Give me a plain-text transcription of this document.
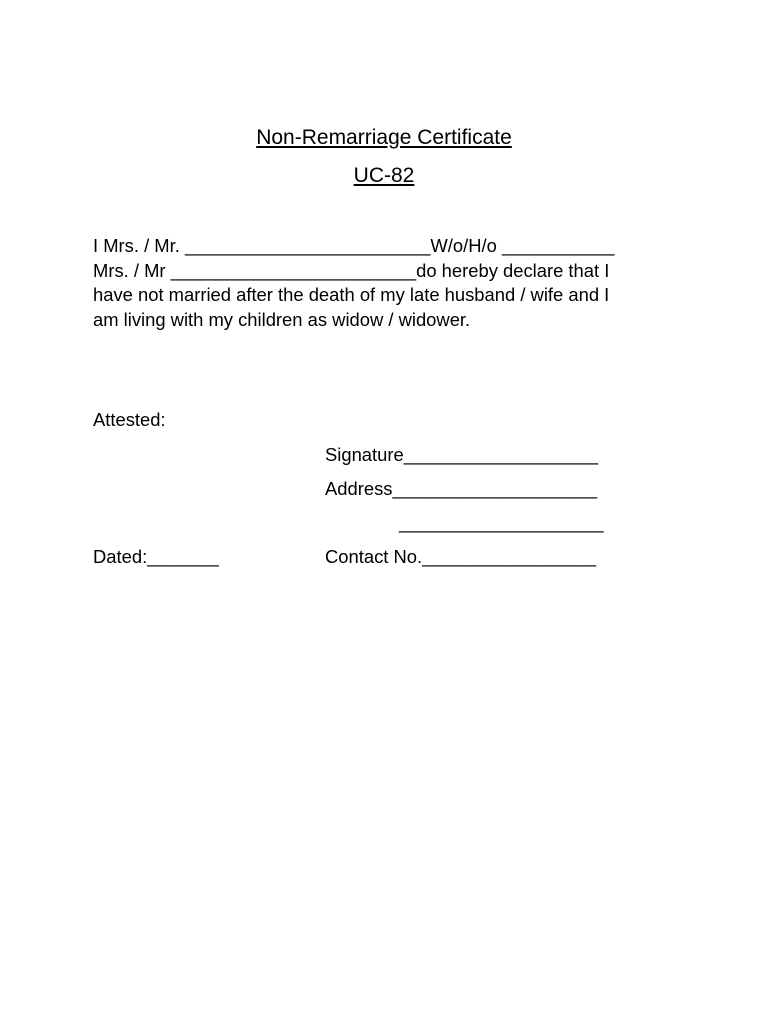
Non-Remarriage Certificate
UC-82
I Mrs. / Mr. ________________________W/o/H/o ___________
Mrs. / Mr ________________________do hereby declare that I
have not married after the death of my late husband / wife and I
am living with my children as widow / widower.
Attested:
Signature___________________
Address____________________
____________________
Dated:_______	Contact No._________________
